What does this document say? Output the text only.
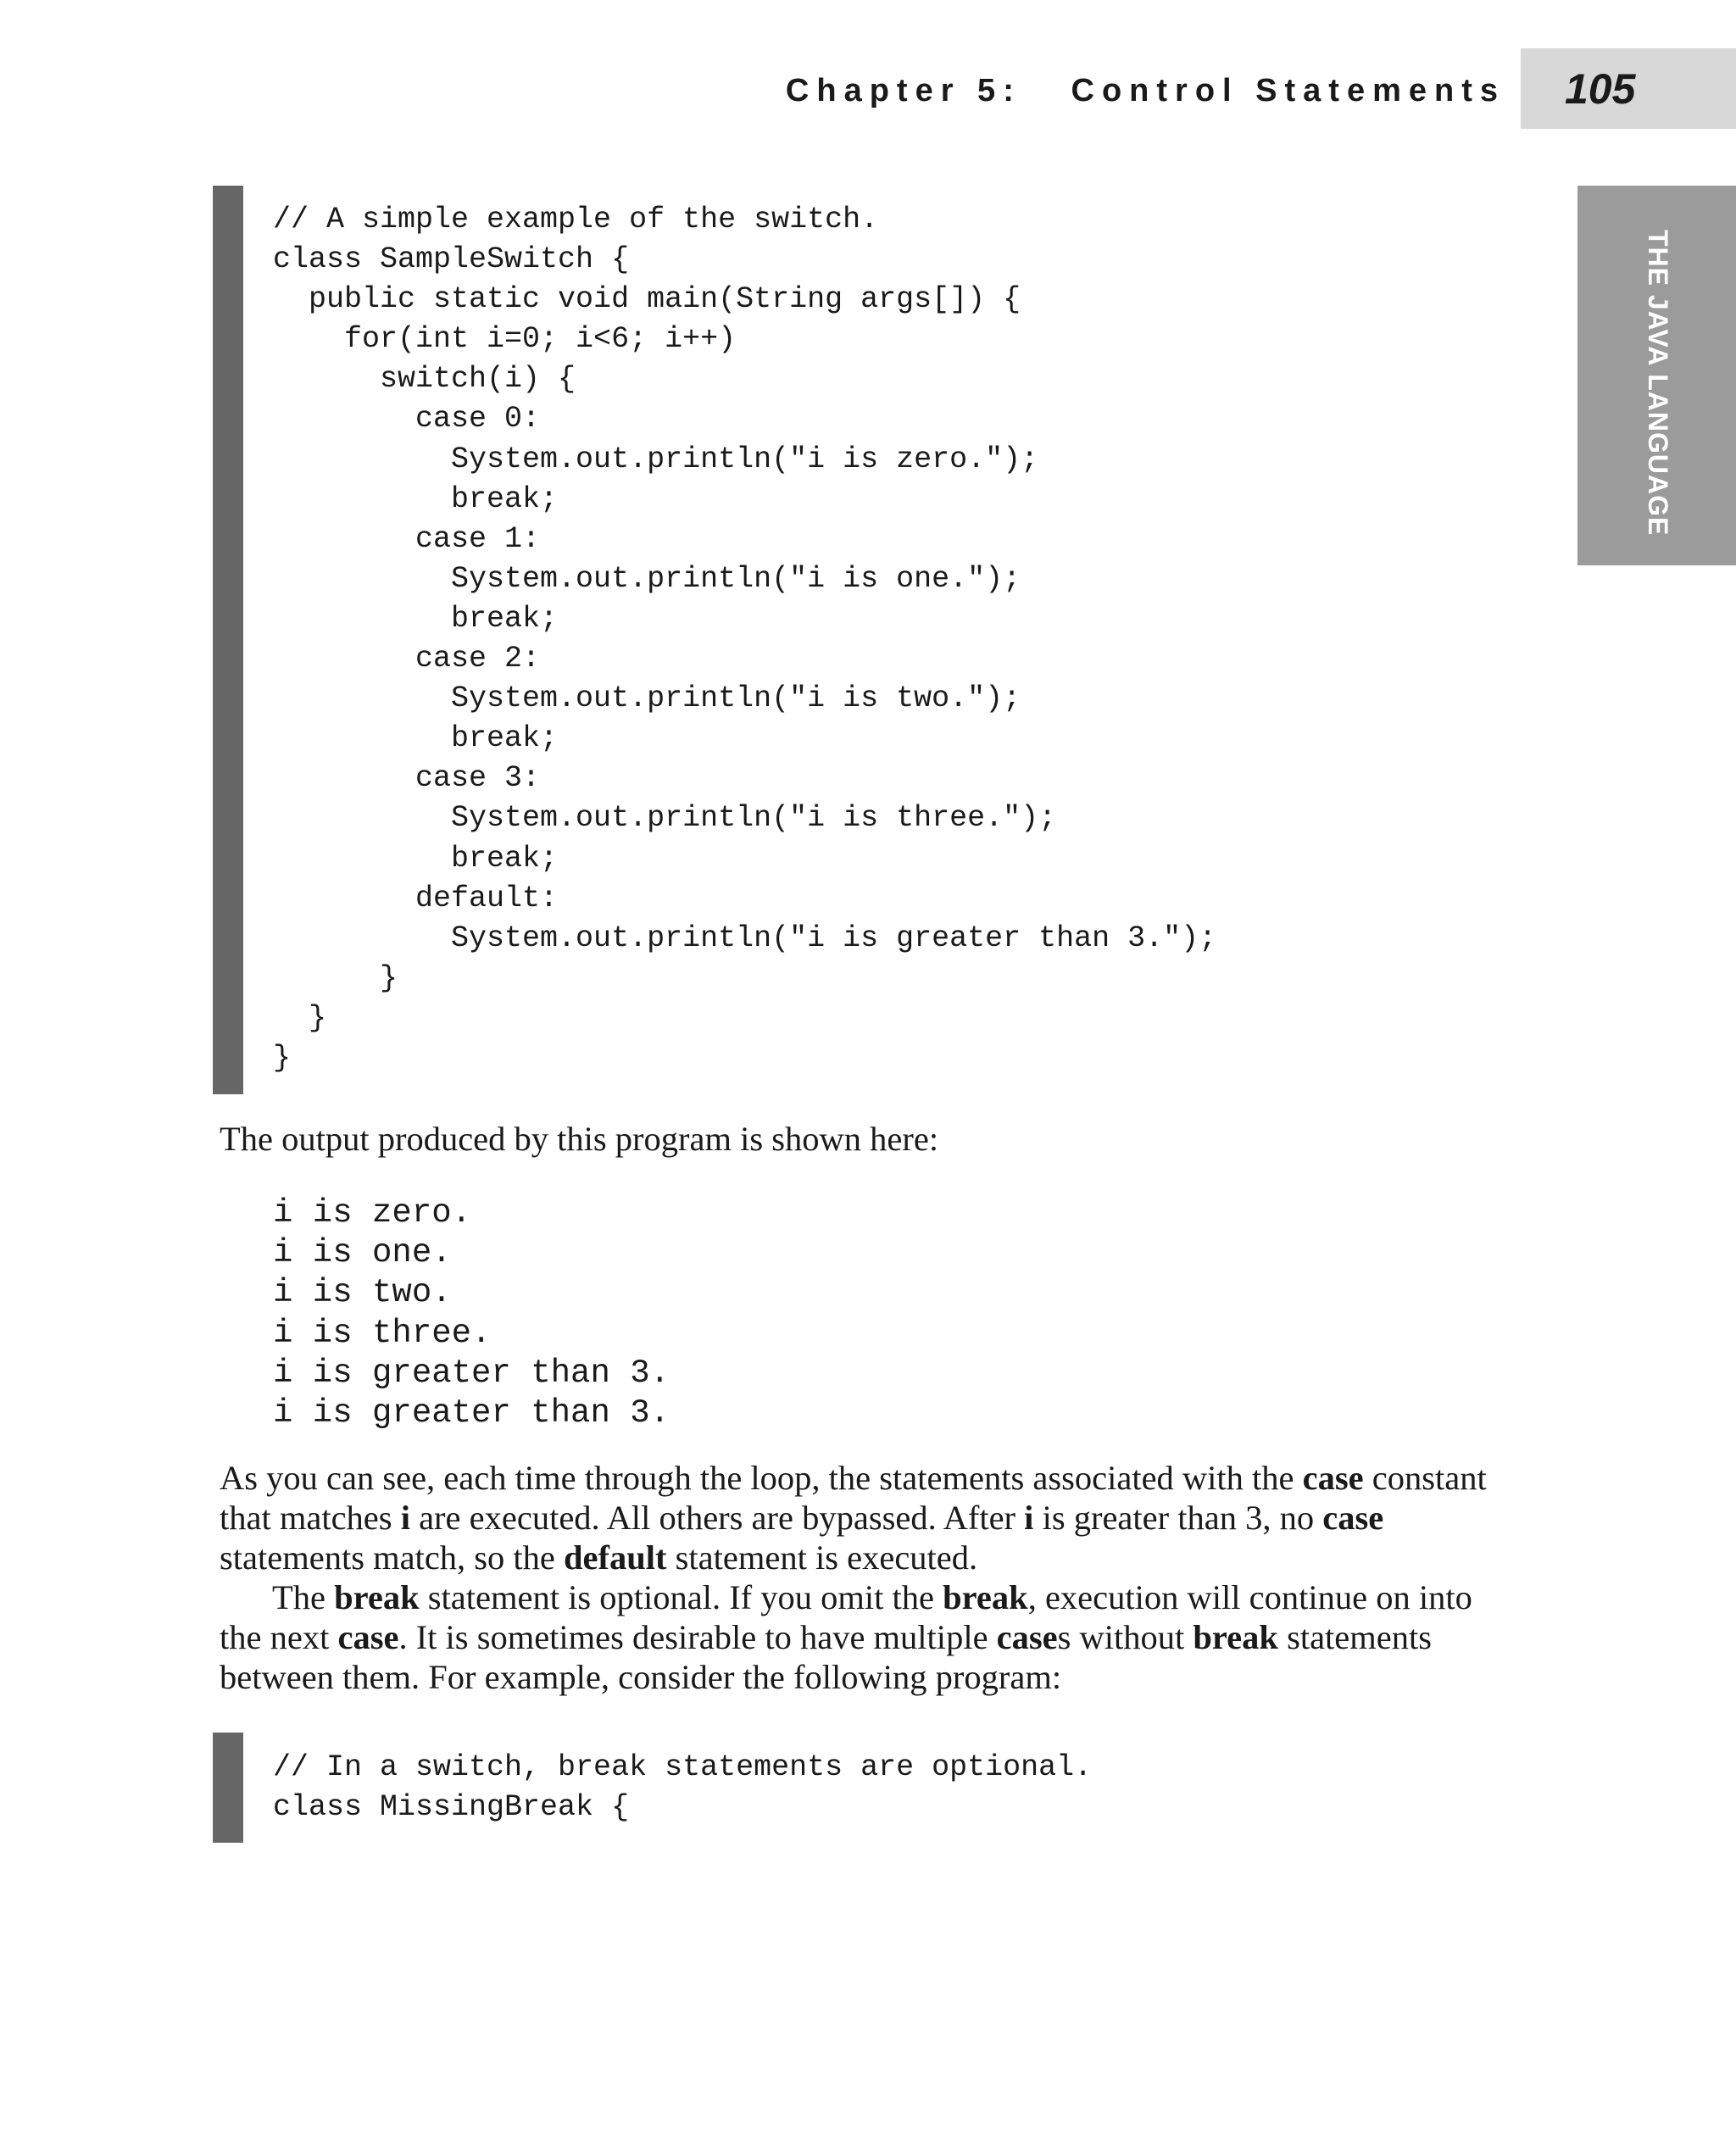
Chapter 5:   Control Statements 105
THE JAVA LANGUAGE
// A simple example of the switch.
class SampleSwitch {
public static void main(String args[]) {
for(int i=0; i<6; i++)
switch(i) {
case 0:
System.out.println("i is zero.");
break;
case 1:
System.out.println("i is one.");
break;
case 2:
System.out.println("i is two.");
break;
case 3:
System.out.println("i is three.");
break;
default:
System.out.println("i is greater than 3.");
}
}
}

The output produced by this program is shown here:

i is zero.
i is one.
i is two.
i is three.
i is greater than 3.
i is greater than 3.

As you can see, each time through the loop, the statements associated with the case constant that matches i are executed. All others are bypassed. After i is greater than 3, no case statements match, so the default statement is executed.

The break statement is optional. If you omit the break, execution will continue on into the next case. It is sometimes desirable to have multiple cases without break statements between them. For example, consider the following program:

// In a switch, break statements are optional.
class MissingBreak {
